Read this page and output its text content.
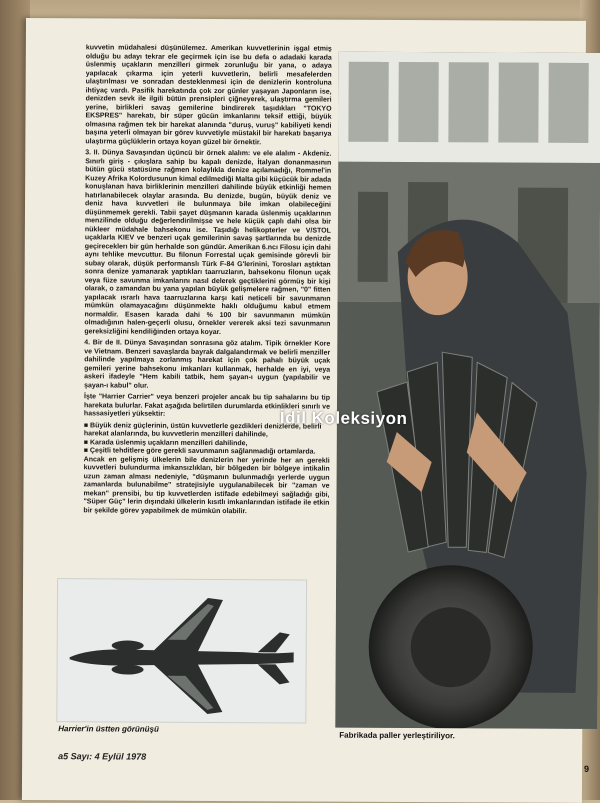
kuvvetin müdahalesi düşünülemez. Amerikan kuvvetlerinin işgal etmiş olduğu bu adayı tekrar ele geçirmek için ise bu defa o adadaki karada üslenmiş uçakların menzilleri girmek zorunluğu bir yana, o adaya yapılacak çıkarma için yeterli kuvvetlerin, belirli mesafelerden ulaştırılması ve sonradan desteklenmesi için de denizlerin kontroluna ihtiyaç vardı. Pasifik harekatında çok zor günler yaşayan Japonların ise, denizden sevk ile ilgili bütün prensipleri çiğneyerek, ulaştırma gemileri yerine, birlikleri savaş gemilerine bindirerek taşıdıkları "TOKYO EKSPRES" harekatı, bir süper gücün imkanlarını teksif ettiği, büyük olmasına rağmen tek bir harekat alanında "duruş, vuruş" kabiliyeti kendi başına yeterli olmayan bir görev kuvvetiyle müstakil bir harekatı başarıya ulaştırma güçlüklerin ortaya koyan güzel bir örnektir.

3. II. Dünya Savaşından üçüncü bir örnek alalım: ve ele alalım - Akdeniz. Sınırlı giriş - çıkışlara sahip bu kapalı denizde, İtalyan donanmasının bütün gücü statüsüne rağmen kolaylıkla denize açılamadığı, Rommel'in Kuzey Afrika Kolordusunun kimal edilmediği Malta gibi küçücük bir adada konuşlanan hava birliklerinin menzilleri dahilinde büyük etkinliği hemen hatırlanabilecek olaylar arasında. Bu denizde, bugün, büyük deniz ve deniz hava kuvvetleri ile bulunmaya bile imkan olabileceğini düşünmemek gerekli. Tabii şayet düşmanın karada üslenmiş uçaklarının menzilinde olduğu değerlendirilmişse ve hele küçük çaplı dahi olsa bir nükleer müdahale bahsekonu ise. Taşıdığı helikopterler ve V/STOL uçaklarla KIEV ve benzeri uçak gemilerinin savaş şartlarında bu denizde geçireceklerı bir gün herhalde son gündür. Amerikan 6.ncı Filosu için dahi aynı tehlike mevcuttur. Bu filonun Forrestal uçak gemisinde görevli bir subay olarak, düşük performanslı Türk F-84 G'lerinini, Torosları aştıktan sonra denize yamanarak yaptıkları taarruzların, bahsekonu filonun uçak veya füze savunma imkanlarını nasıl delerek geçtiklerini görmüş bir kişi olarak, o zamandan bu yana yapılan büyük gelişmelere rağmen, "0" fitten yapılacak ısrarlı hava taarruzlarına karşı kati neticeli bir savunmanın mümkün olamayacağını düşünmekte haklı olduğumu kabul etmem normaldir. Esasen karada dahi % 100 bir savunmanın mümkün olmadığının halen-geçerli olusu, örnekler vererek aksi tezi savunmanın gereksizliğini kendiliğinden ortaya koyar.

4. Bir de II. Dünya Savaşından sonrasına göz atalım. Tipik örnekler Kore ve Vietnam. Benzeri savaşlarda bayrak dalgalandırmak ve belirli menziller dahilinde yapılmaya zorlanmış harekat için çok pahalı büyük uçak gemileri yerine bahsekonu imkanları kullanmak, herhalde en iyi, veya askeri ifadeyle "Hem kabili tatbik, hem şayan-ı uygun (yapılabilir ve şayan-ı kabul" olur.

İşte "Harrier Carrier" veya benzeri projeler ancak bu tip sahalarını bu tip harekata bulurlar. Fakat aşağıda belirtilen durumlarda etkinlikleri sınırlı ve hassasiyetleri yüksektir:

■ Büyük deniz güçlerinin, üstün kuvvetlerle gezdikleri denizlerde, belirli harekat alanlarında, bu kuvvetlerin menzilleri dahilinde,

■ Karada üslenmiş uçakların menzilleri dahilinde,

■ Çeşitli tehditlere göre gerekli savunmanın sağlanmadığı ortamlarda.

Ancak en gelişmiş ülkelerin bile denizlerin her yerinde her an gerekli kuvvetleri bulundurma imkansızlıkları, bir bölgeden bir bölgeye intikalin uzun zaman alması nedeniyle, "düşmanın bulunmadığı yerlerde uygun zamanlarda bulunabilme" stratejisiyle uygulanabilecek bir "zaman ve mekan" prensibi, bu tip kuvvetlerden istifade edebilmeyi sağladığı gibi, "Süper Güç" lerin dışındaki ülkelerin kısıtlı imkanlarından istifade ile etkin bir şekilde görev yapabilmek de mümkün olabilir.

İdil Koleksiyon
Harrier'in üstten görünüşü
Fabrikada paller yerleştiriliyor.
a5 Sayı: 4 Eylül 1978
9
